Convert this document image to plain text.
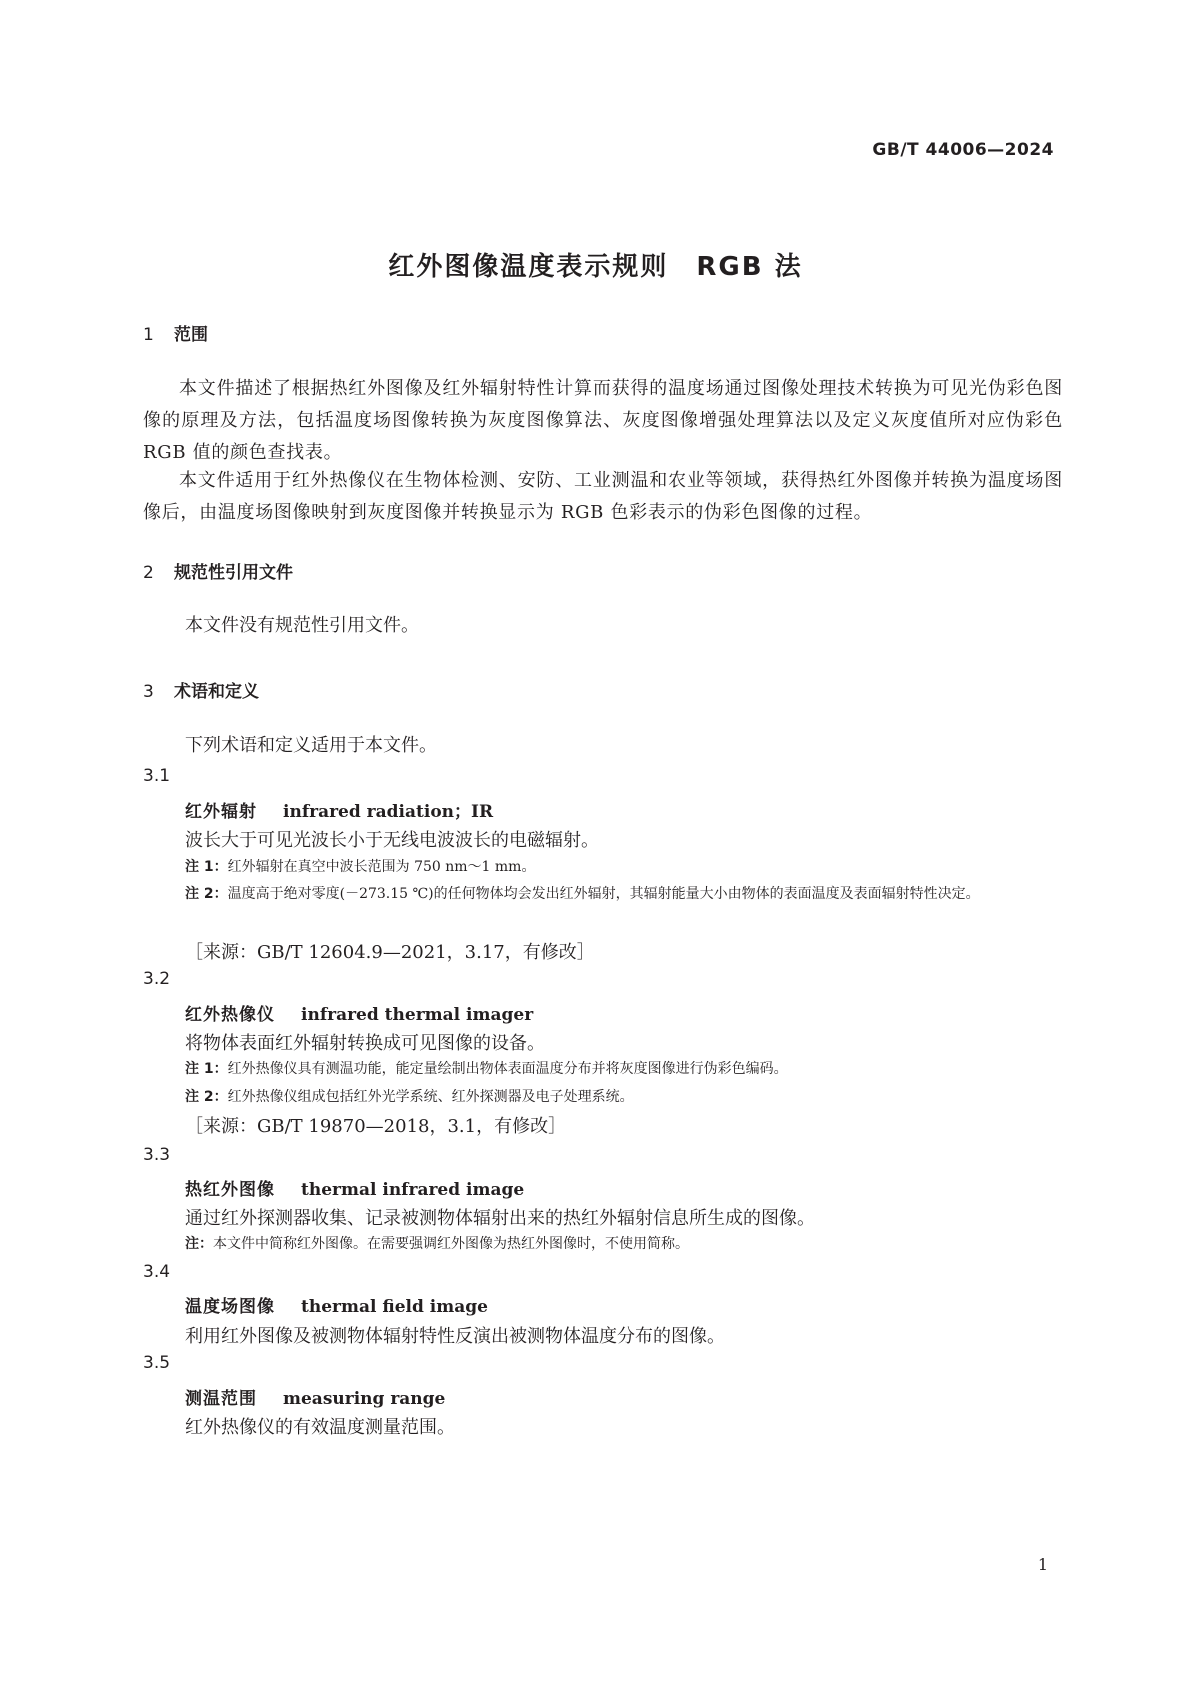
GB/T 44006—2024
红外图像温度表示规则　RGB 法
1 范围

本文件描述了根据热红外图像及红外辐射特性计算而获得的温度场通过图像处理技术转换为可见光伪彩色图像的原理及方法，包括温度场图像转换为灰度图像算法、灰度图像增强处理算法以及定义灰度值所对应伪彩色 RGB 值的颜色查找表。

本文件适用于红外热像仪在生物体检测、安防、工业测温和农业等领域，获得热红外图像并转换为温度场图像后，由温度场图像映射到灰度图像并转换显示为 RGB 色彩表示的伪彩色图像的过程。

2 规范性引用文件

本文件没有规范性引用文件。

3 术语和定义

下列术语和定义适用于本文件。

3.1
红外辐射 infrared radiation；IR

波长大于可见光波长小于无线电波波长的电磁辐射。

注 1：红外辐射在真空中波长范围为 750 nm～1 mm。

注 2：温度高于绝对零度(－273.15 ℃)的任何物体均会发出红外辐射，其辐射能量大小由物体的表面温度及表面辐射特性决定。

［来源：GB/T 12604.9—2021，3.17，有修改］

3.2
红外热像仪 infrared thermal imager

将物体表面红外辐射转换成可见图像的设备。

注 1：红外热像仪具有测温功能，能定量绘制出物体表面温度分布并将灰度图像进行伪彩色编码。

注 2：红外热像仪组成包括红外光学系统、红外探测器及电子处理系统。

［来源：GB/T 19870—2018，3.1，有修改］

3.3
热红外图像 thermal infrared image

通过红外探测器收集、记录被测物体辐射出来的热红外辐射信息所生成的图像。

注：本文件中简称红外图像。在需要强调红外图像为热红外图像时，不使用简称。

3.4
温度场图像 thermal field image

利用红外图像及被测物体辐射特性反演出被测物体温度分布的图像。

3.5
测温范围 measuring range

红外热像仪的有效温度测量范围。

1
